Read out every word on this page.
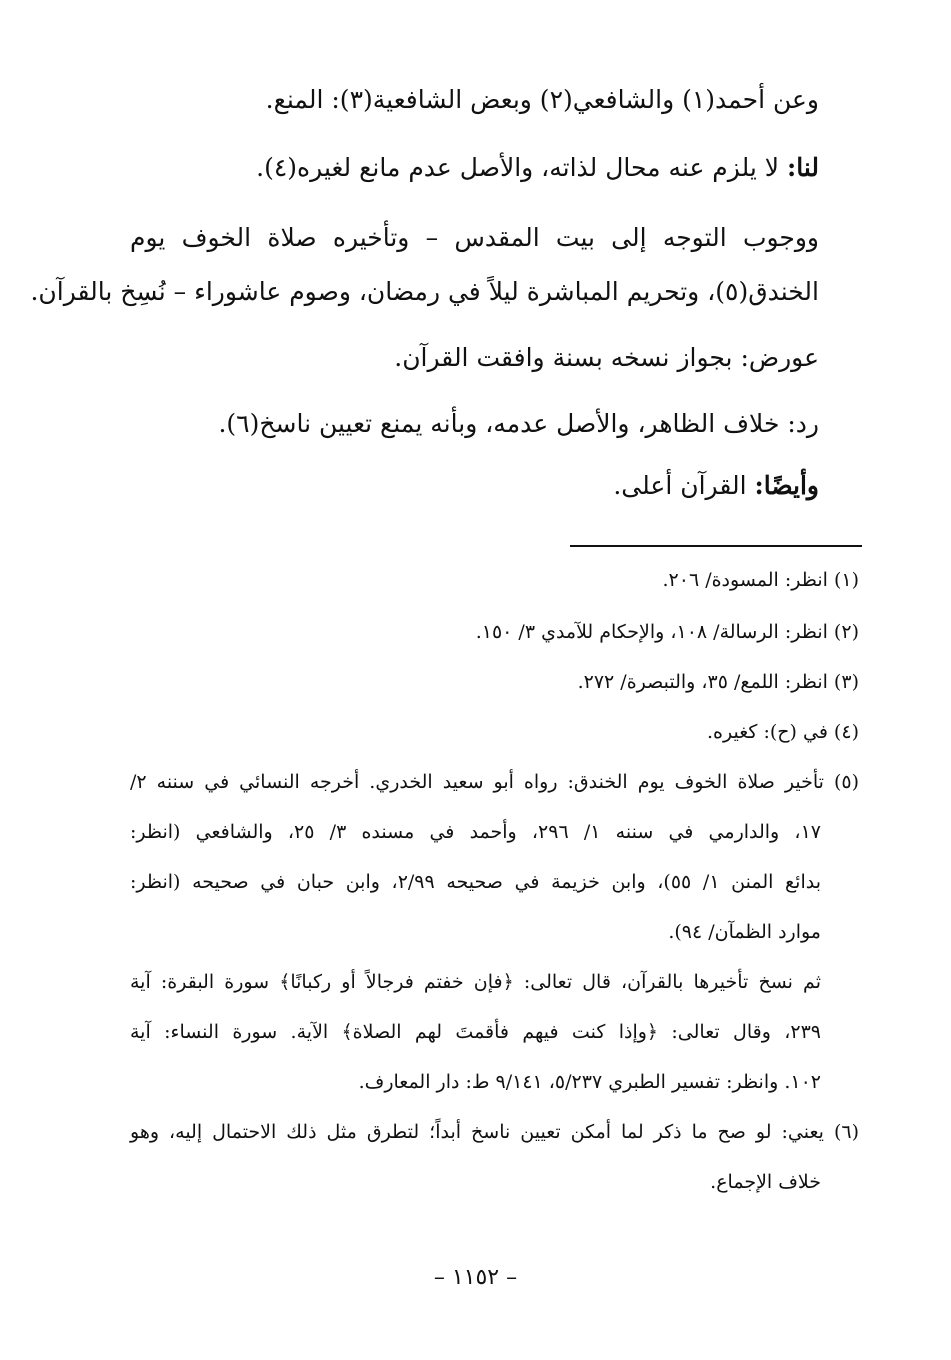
وعن أحمد(١) والشافعي(٢) وبعض الشافعية(٣): المنع.
لنا: لا يلزم عنه محال لذاته، والأصل عدم مانع لغيره(٤).
ووجوب التوجه إلى بيت المقدس – وتأخيره صلاة الخوف يوم
الخندق(٥)، وتحريم المباشرة ليلاً في رمضان، وصوم عاشوراء – نُسِخ بالقرآن.
عورض: بجواز نسخه بسنة وافقت القرآن.
رد: خلاف الظاهر، والأصل عدمه، وبأنه يمنع تعيين ناسخ(٦).
وأيضًا: القرآن أعلى.
(١) انظر: المسودة/ ٢٠٦.
(٢) انظر: الرسالة/ ١٠٨، والإحكام للآمدي ٣/ ١٥٠.
(٣) انظر: اللمع/ ٣٥، والتبصرة/ ٢٧٢.
(٤) في (ح): كغيره.
(٥) تأخير صلاة الخوف يوم الخندق: رواه أبو سعيد الخدري. أخرجه النسائي في سننه ٢/
١٧، والدارمي في سننه ١/ ٢٩٦، وأحمد في مسنده ٣/ ٢٥، والشافعي (انظر:
بدائع المنن ١/ ٥٥)، وابن خزيمة في صحيحه ٢/٩٩، وابن حبان في صحيحه (انظر:
موارد الظمآن/ ٩٤).
ثم نسخ تأخيرها بالقرآن، قال تعالى: ﴿فإن خفتم فرجالاً أو ركبانًا﴾ سورة البقرة: آية
٢٣٩، وقال تعالى: ﴿وإذا كنت فيهم فأقمتَ لهم الصلاة﴾ الآية. سورة النساء: آية
١٠٢. وانظر: تفسير الطبري ٥/٢٣٧، ٩/١٤١ ط: دار المعارف.
(٦) يعني: لو صح ما ذكر لما أمكن تعيين ناسخ أبداً؛ لتطرق مثل ذلك الاحتمال إليه، وهو
خلاف الإجماع.
– ١١٥٢ –
